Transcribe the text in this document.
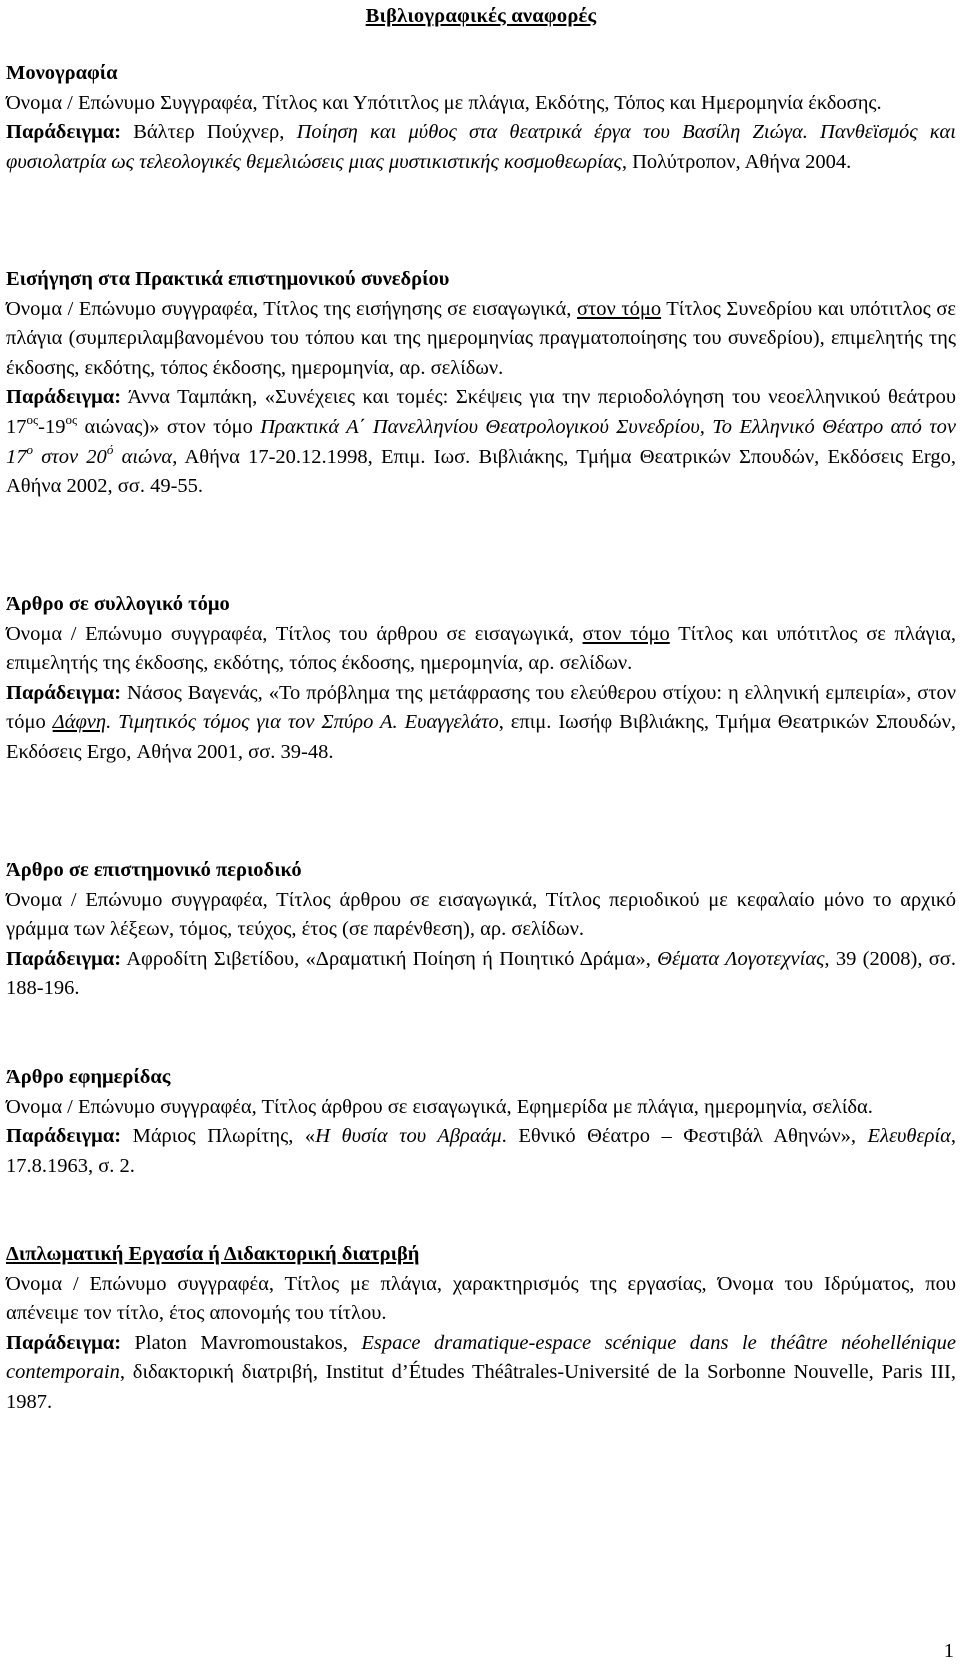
Βιβλιογραφικές αναφορές
Μονογραφία
Όνομα / Επώνυμο Συγγραφέα, Τίτλος και Υπότιτλος με πλάγια, Εκδότης, Τόπος και Ημερομηνία έκδοσης.
Παράδειγμα: Βάλτερ Πούχνερ, Ποίηση και μύθος στα θεατρικά έργα του Βασίλη Ζιώγα. Πανθεϊσμός και φυσιολατρία ως τελεολογικές θεμελιώσεις μιας μυστικιστικής κοσμοθεωρίας, Πολύτροπον, Αθήνα 2004.
Εισήγηση στα Πρακτικά επιστημονικού συνεδρίου
Όνομα / Επώνυμο συγγραφέα, Τίτλος της εισήγησης σε εισαγωγικά, στον τόμο Τίτλος Συνεδρίου και υπότιτλος σε πλάγια (συμπεριλαμβανομένου του τόπου και της ημερομηνίας πραγματοποίησης του συνεδρίου), επιμελητής της έκδοσης, εκδότης, τόπος έκδοσης, ημερομηνία, αρ. σελίδων.
Παράδειγμα: Άννα Ταμπάκη, «Συνέχειες και τομές: Σκέψεις για την περιοδολόγηση του νεοελληνικού θεάτρου $17^{o\varsigma}-19^{o\varsigma}$ αιώνας)» στον τόμο Πρακτικά Α΄ Πανελληνίου Θεατρολογικού Συνεδρίου, Το Ελληνικό Θέατρο από τον $17^o$ στον $20^ό$ αιώνα, Αθήνα 17-20.12.1998, Επιμ. Ιωσ. Βιβλιάκης, Τμήμα Θεατρικών Σπουδών, Εκδόσεις Ergo, Αθήνα 2002, σσ. 49-55.
Άρθρο σε συλλογικό τόμο
Όνομα / Επώνυμο συγγραφέα, Τίτλος του άρθρου σε εισαγωγικά, στον τόμο Τίτλος και υπότιτλος σε πλάγια, επιμελητής της έκδοσης, εκδότης, τόπος έκδοσης, ημερομηνία, αρ. σελίδων.
Παράδειγμα: Νάσος Βαγενάς, «Το πρόβλημα της μετάφρασης του ελεύθερου στίχου: η ελληνική εμπειρία», στον τόμο Δάφνη. Τιμητικός τόμος για τον Σπύρο Α. Ευαγγελάτο, επιμ. Ιωσήφ Βιβλιάκης, Τμήμα Θεατρικών Σπουδών, Εκδόσεις Ergo, Αθήνα 2001, σσ. 39-48.
Άρθρο σε επιστημονικό περιοδικό
Όνομα / Επώνυμο συγγραφέα, Τίτλος άρθρου σε εισαγωγικά, Τίτλος περιοδικού με κεφαλαίο μόνο το αρχικό γράμμα των λέξεων, τόμος, τεύχος, έτος (σε παρένθεση), αρ. σελίδων.
Παράδειγμα: Αφροδίτη Σιβετίδου, «Δραματική Ποίηση ή Ποιητικό Δράμα», Θέματα Λογοτεχνίας, 39 (2008), σσ. 188-196.
Άρθρο εφημερίδας
Όνομα / Επώνυμο συγγραφέα, Τίτλος άρθρου σε εισαγωγικά, Εφημερίδα με πλάγια, ημερομηνία, σελίδα.
Παράδειγμα: Μάριος Πλωρίτης, «Η θυσία του Αβραάμ. Εθνικό Θέατρο – Φεστιβάλ Αθηνών», Ελευθερία, 17.8.1963, σ. 2.
Διπλωματική Εργασία ή Διδακτορική διατριβή
Όνομα / Επώνυμο συγγραφέα, Τίτλος με πλάγια, χαρακτηρισμός της εργασίας, Όνομα του Ιδρύματος, που απένειμε τον τίτλο, έτος απονομής του τίτλου.
Παράδειγμα: Platon Mavromoustakos, Espace dramatique-espace scénique dans le théâtre néohellénique contemporain, διδακτορική διατριβή, Institut d’Études Théâtrales-Université de la Sorbonne Nouvelle, Paris III, 1987.
1
